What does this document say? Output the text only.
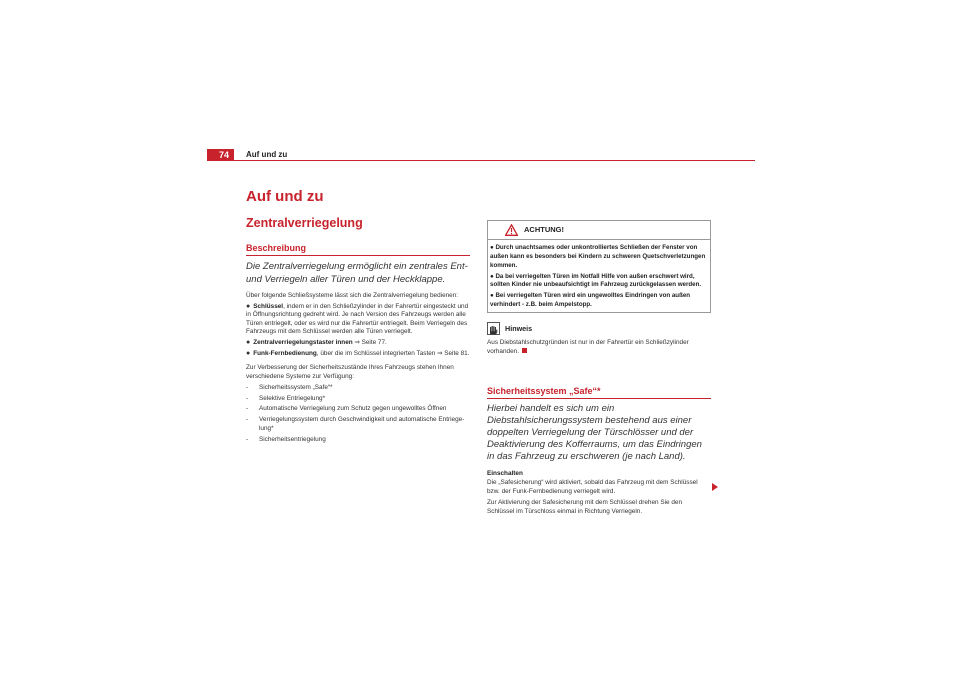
74	Auf und zu
Auf und zu
Zentralverriegelung
Beschreibung

Die Zentralverriegelung ermöglicht ein zentrales Ent- und Verriegeln aller Türen und der Heckklappe.

Über folgende Schließsysteme lässt sich die Zentralverriegelung bedienen:

● Schlüssel, indem er in den Schließzylinder in der Fahrertür eingesteckt und in Öffnungsrichtung gedreht wird. Je nach Version des Fahrzeugs werden alle Türen entriegelt, oder es wird nur die Fahrertür entriegelt. Beim Verriegeln des Fahrzeugs mit dem Schlüssel werden alle Türen verriegelt.

● Zentralverriegelungstaster innen ⇒ Seite 77.

● Funk-Fernbedienung, über die im Schlüssel integrierten Tasten ⇒ Seite 81.

Zur Verbesserung der Sicherheitszustände Ihres Fahrzeugs stehen Ihnen verschiedene Systeme zur Verfügung:

- Sicherheitssystem „Safe“*
- Selektive Entriegelung*
- Automatische Verriegelung zum Schutz gegen ungewolltes Öffnen
- Verriegelungssystem durch Geschwindigkeit und automatische Entriegelung*
- Sicherheitsentriegelung
ACHTUNG!
● Durch unachtsames oder unkontrolliertes Schließen der Fenster von außen kann es besonders bei Kindern zu schweren Quetschverletzungen kommen.
● Da bei verriegelten Türen im Notfall Hilfe von außen erschwert wird, sollten Kinder nie unbeaufsichtigt im Fahrzeug zurückgelassen werden.
● Bei verriegelten Türen wird ein ungewolltes Eindringen von außen verhindert - z.B. beim Ampelstopp.
Hinweis

Aus Diebstahlschutzgründen ist nur in der Fahrertür ein Schließzylinder vorhanden.

Sicherheitssystem „Safe“*

Hierbei handelt es sich um ein Diebstahlsicherungssystem bestehend aus einer doppelten Verriegelung der Türschlösser und der Deaktivierung des Kofferraums, um das Eindringen in das Fahrzeug zu erschweren (je nach Land).

Einschalten

Die „Safesicherung“ wird aktiviert, sobald das Fahrzeug mit dem Schlüssel bzw. der Funk-Fernbedienung verriegelt wird.

Zur Aktivierung der Safesicherung mit dem Schlüssel drehen Sie den Schlüssel im Türschloss einmal in Richtung Verriegeln.
